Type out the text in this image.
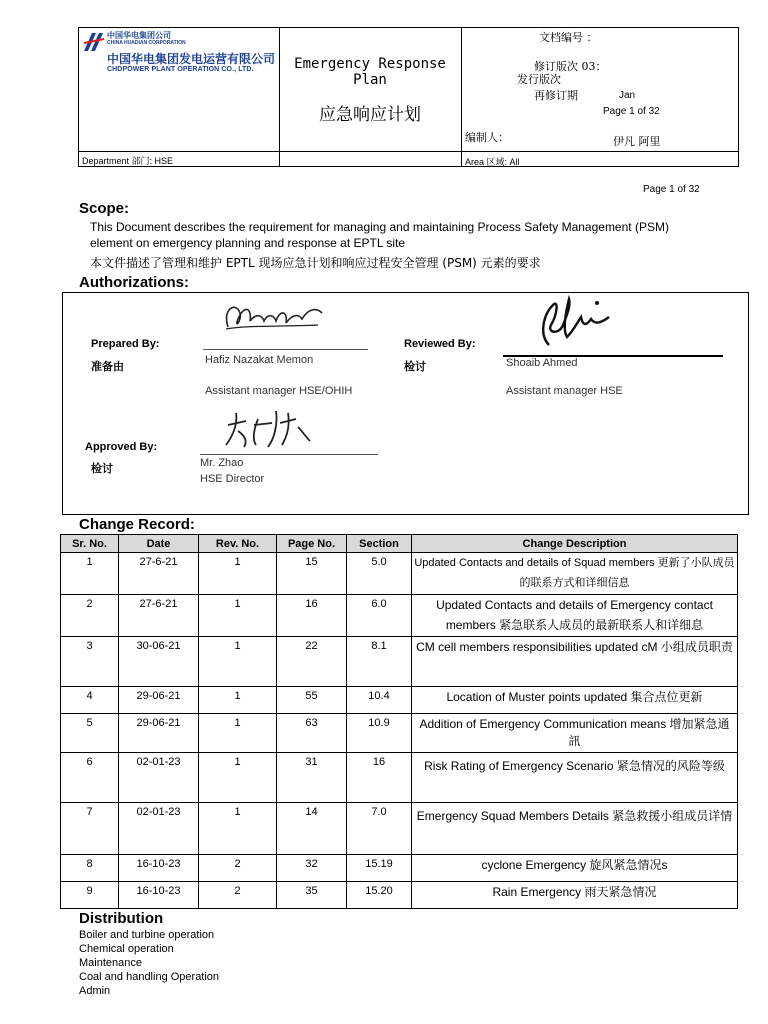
中国华电集团公司
CHINA HUADIAN CORPORATION
中国华电集团发电运营有限公司
CHDPOWER PLANT OPERATION CO., LTD.	Emergency Response Plan
应急响应计划
文档编号 ：
修订版次 03：
发行版次
再修订期	Jan
Page 1 of 32
编制人：	伊凡 阿里
Department 部门: HSE	Area 区域: All
Page 1 of 32
Scope:
This Document describes the requirement for managing and maintaining Process Safety Management (PSM)
element on emergency planning and response at EPTL site
本文件描述了管理和维护 EPTL 现场应急计划和响应过程安全管理 (PSM) 元素的要求
Authorizations:
Prepared By:
准备由
Hafiz Nazakat Memon
Assistant manager HSE/OHIH
Reviewed By:
检讨	Shoaib Ahmed
Assistant manager HSE
Approved By:
检讨	Mr. Zhao
HSE Director
Change Record:
Sr. No.	Date	Rev. No.	Page No.	Section	Change Description
1	27-6-21	1	15	5.0	Updated Contacts and details of Squad members 更新了小队成员的联系方式和详细信息
2	27-6-21	1	16	6.0	Updated Contacts and details of Emergency contact members 紧急联系人成员的最新联系人和详细息
3	30-06-21	1	22	8.1	CM cell members responsibilities updated cM 小组成员职责
4	29-06-21	1	55	10.4	Location of Muster points updated 集合点位更新
5	29-06-21	1	63	10.9	Addition of Emergency Communication means 增加紧急通訊
6	02-01-23	1	31	16	Risk Rating of Emergency Scenario 紧急情况的风险等级
7	02-01-23	1	14	7.0	Emergency Squad Members Details 紧急救援小组成员详情
8	16-10-23	2	32	15.19	cyclone Emergency 旋风紧急情况s
9	16-10-23	2	35	15.20	Rain Emergency 雨天紧急情况
Distribution
Boiler and turbine operation
Chemical operation
Maintenance
Coal and handling Operation
Admin
